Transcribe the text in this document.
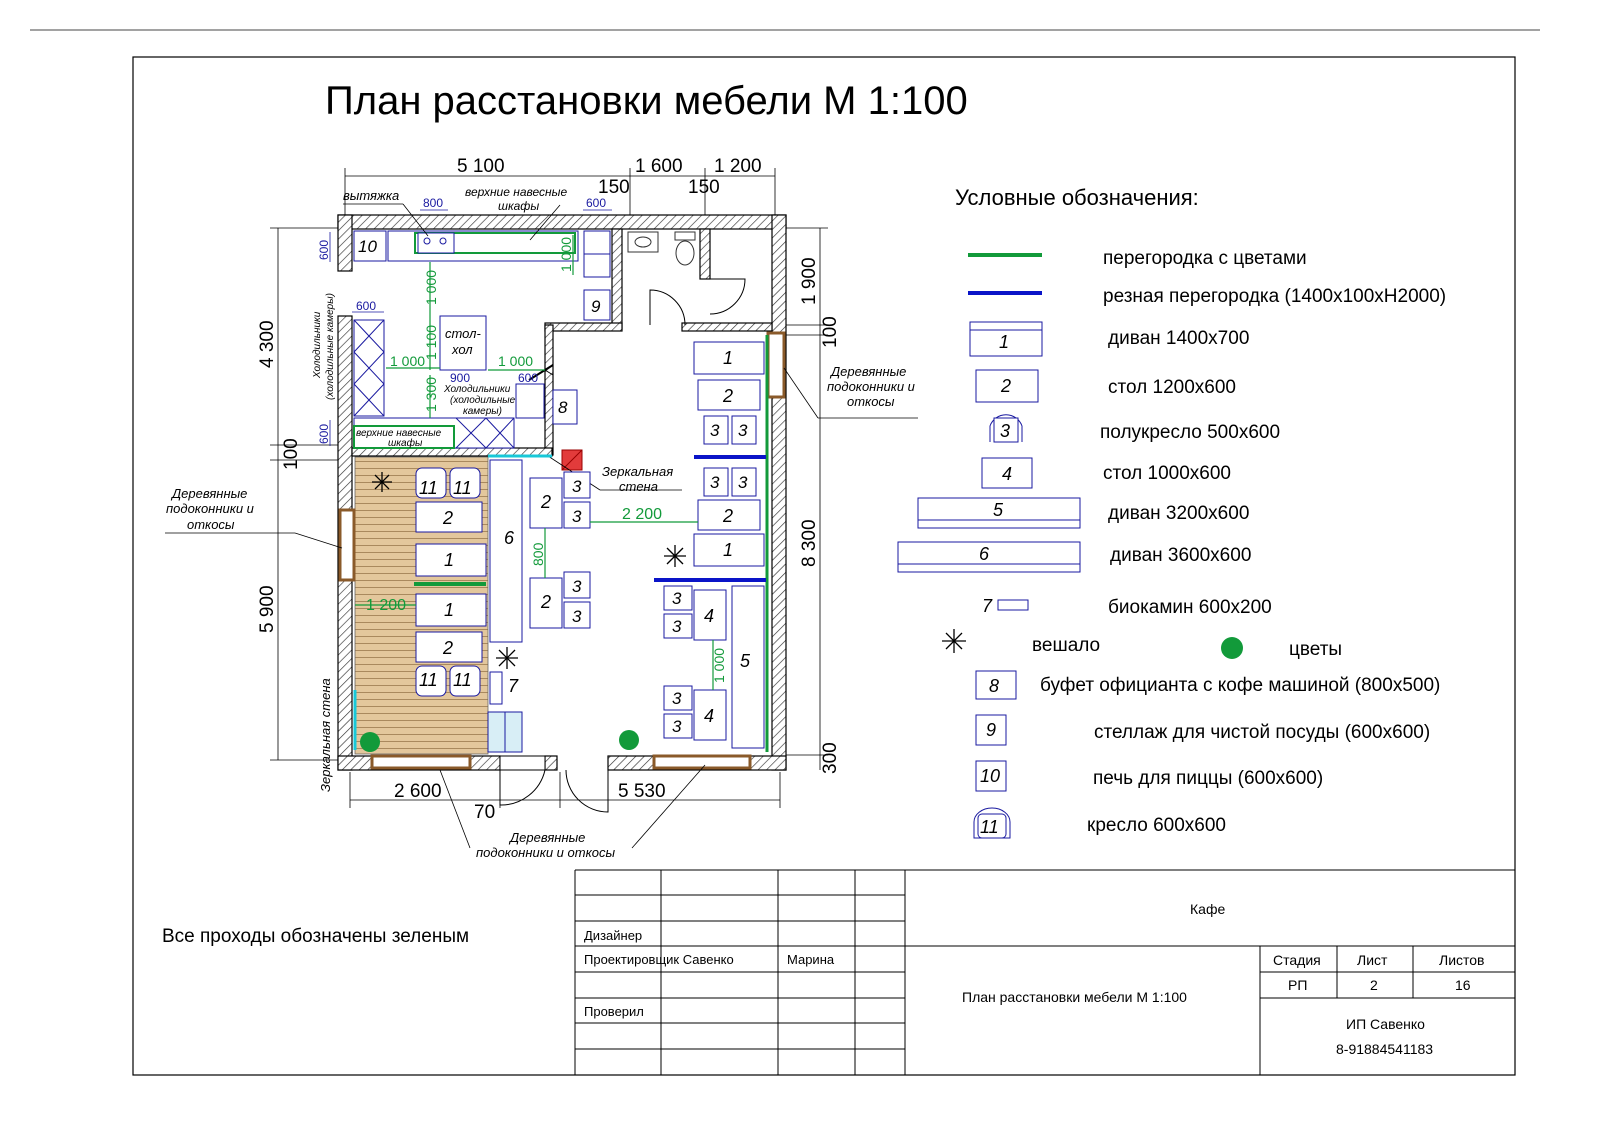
План расстановки мебели М 1:100
10
9
стол-
хол
8
11 11
2
1
1
2
11 11
6
7
2
2
3
3
3
3
1
2
3 3
3 3
2
1
5
4
4
3
3
3
3
800	600
600
600
600
900	600
1 000
1 000
1 100
1 000
1 300
1 000
2 200
800
1 200
1 000
5 100	1 600 1 200
150	150
4 300
100
5 900
1 900
100
8 300
300
2 600
70
5 530
вытяжка	верхние навесные
шкафы
верхние навесные
шкафы
Холодильники (холодильные камеры)	Холодильники
(холодильные
камеры)
Деревянные
подоконники и
откосы
Деревянные
подоконники и
откосы
Деревянные
подоконники и откосы
Зеркальная
стена
Зеркальная стена
Условные обозначения:
перегородка с цветами
резная перегородка (1400x100xH2000)
1	диван 1400x700
2	стол 1200x600
3	полукресло 500x600
4	стол 1000x600
5	диван 3200x600
6	диван 3600x600
7	биокамин 600x200
вешало	цветы
8 буфет официанта с кофе машиной (800x500)
9	стеллаж для чистой посуды (600x600)
10	печь для пиццы (600x600)
11	кресло 600x600
Все проходы обозначены зеленым	Дизайнер
Проектировщик Савенко	Марина
Проверил
Кафе
План расстановки мебели М 1:100
Стадия	Лист	Листов
РП	2	16
ИП Савенко
8-91884541183
